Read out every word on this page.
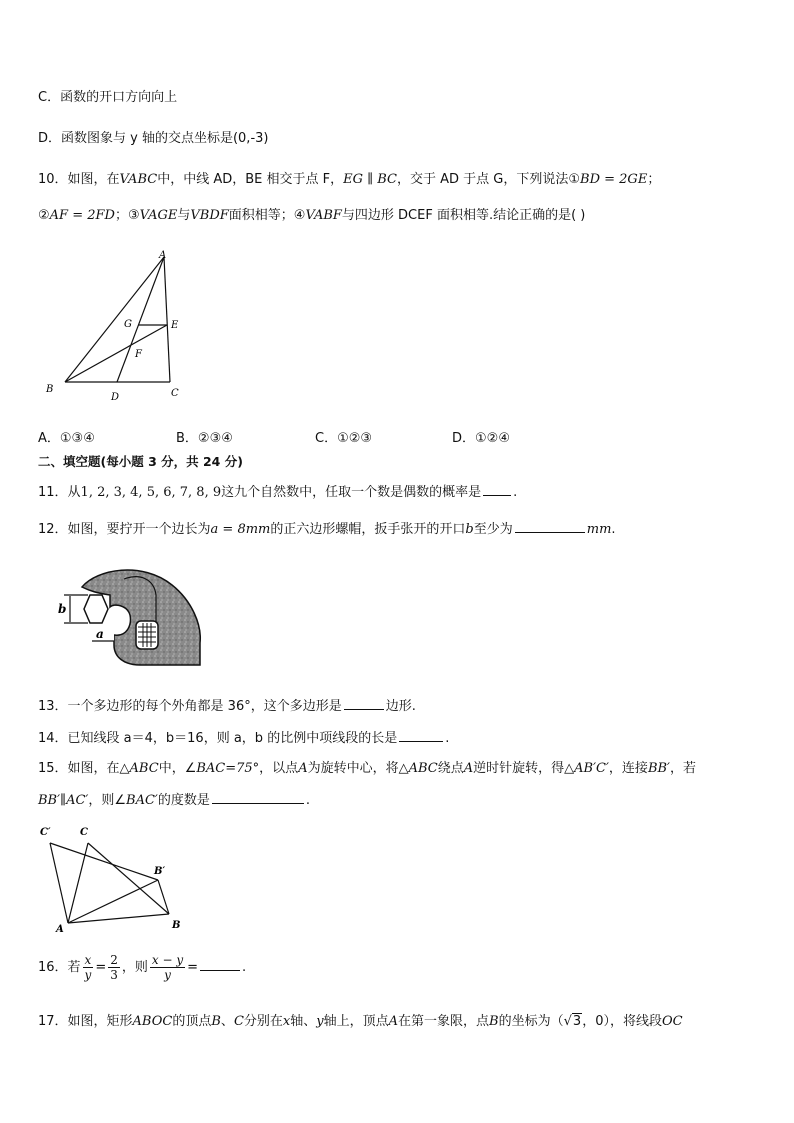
C．函数的开口方向向上
D．函数图象与 y 轴的交点坐标是(0,-3)
10．如图，在VABC中，中线 AD，BE 相交于点 F，EG ∥ BC，交于 AD 于点 G，下列说法①BD = 2GE；
②AF = 2FD；③VAGE与VBDF面积相等；④VABF与四边形 DCEF 面积相等.结论正确的是( )
A
B	C
D
E
F
G
A．①③④	B．②③④	C．①②③	D．①②④
二、填空题(每小题 3 分，共 24 分)
11．从1, 2, 3, 4, 5, 6, 7, 8, 9这九个自然数中，任取一个数是偶数的概率是 .
12．如图，要拧开一个边长为a = 8mm的正六边形螺帽，扳手张开的开口b至少为	mm.
b
a
13．一个多边形的每个外角都是 36°，这个多边形是	边形.
14．已知线段 a＝4，b＝16，则 a，b 的比例中项线段的长是	.
15．如图，在△ABC中，∠BAC=75°，以点A为旋转中心，将△ABC绕点A逆时针旋转，得△AB′C′，连接BB′，若
BB′∥AC′，则∠BAC′的度数是	.
C′	C
B′
A	B
16．若 $\frac{x}{y} = \frac{2}{3}$ ，则 $\frac{x - y}{y}$ =	.
17．如图，矩形ABOC的顶点B、C分别在x轴、y轴上，顶点A在第一象限，点B的坐标为（√3，0），将线段OC
